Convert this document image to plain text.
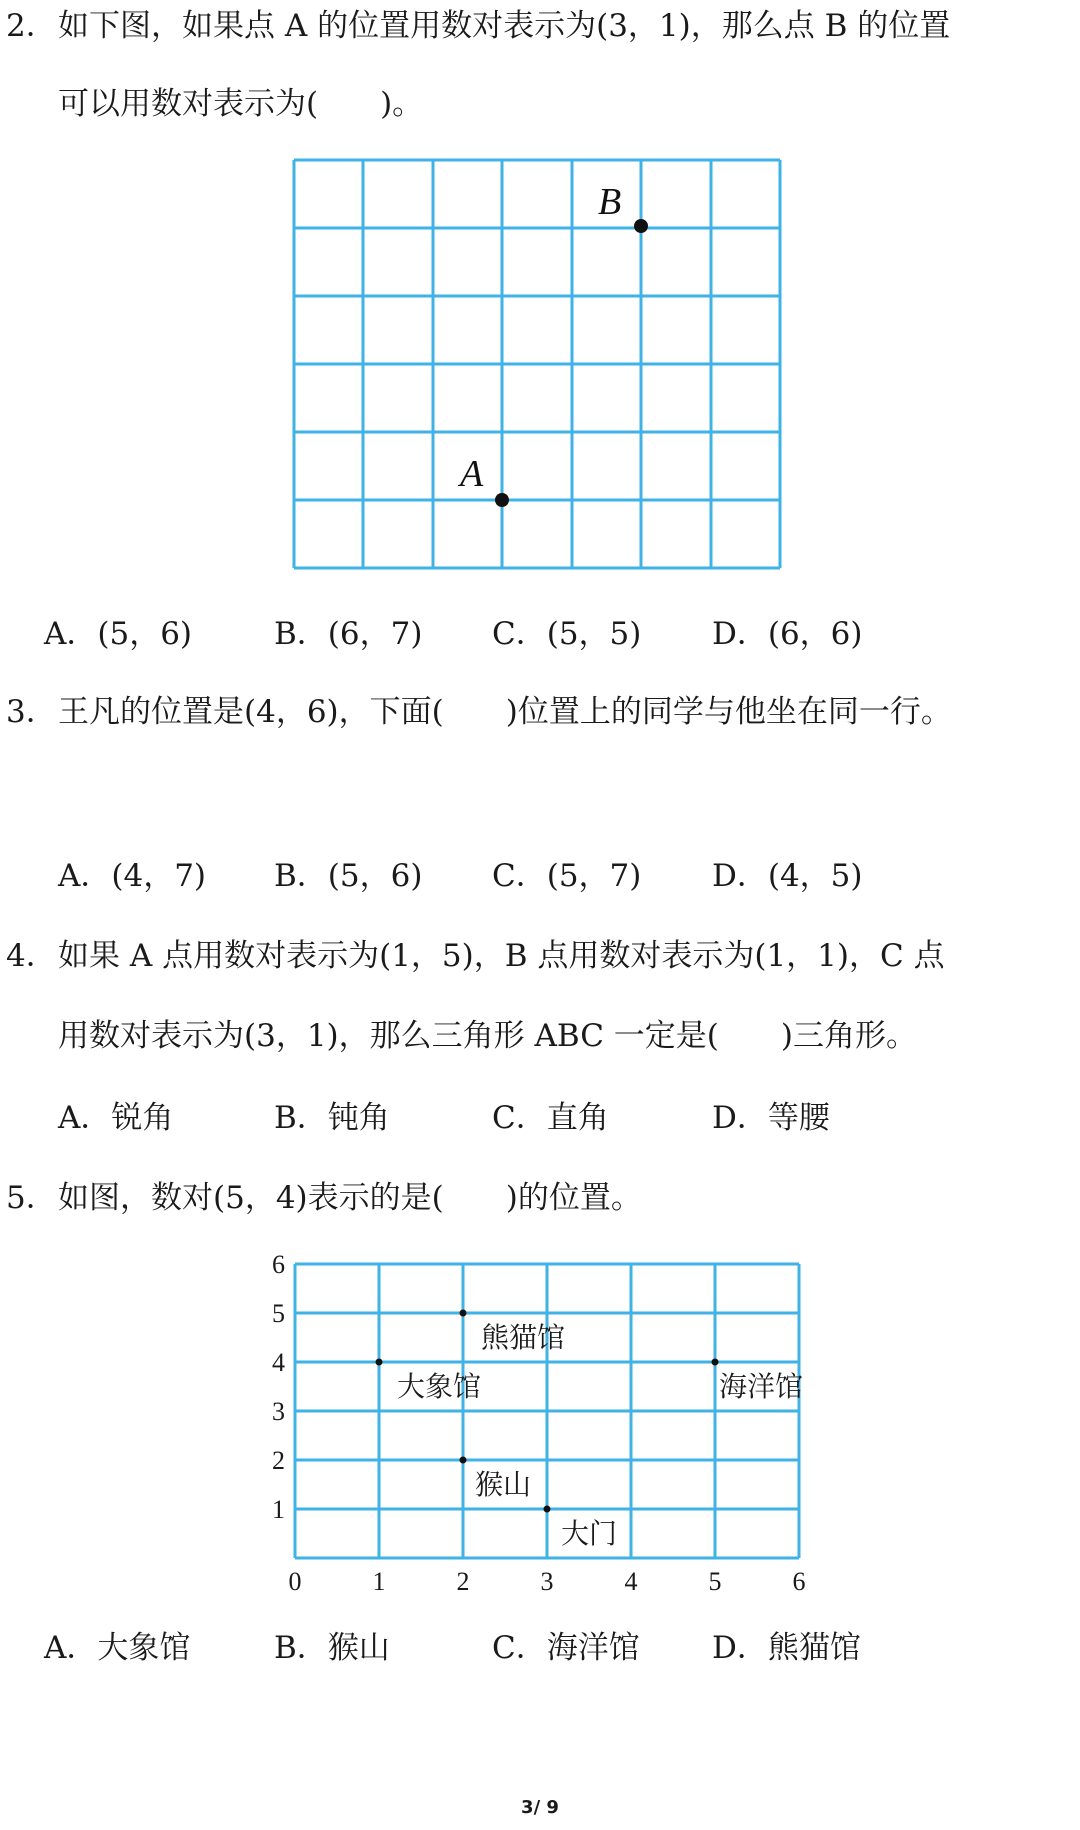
2． 如下图，如果点 A 的位置用数对表示为(3，1)，那么点 B 的位置
可以用数对表示为(　　)。
A
B
A．(5，6)	B．(6，7) C．(5，5) D．(6，6)
3． 王凡的位置是(4，6)，下面(　　)位置上的同学与他坐在同一行。
A．(4，7) B．(5，6) C．(5，7) D．(4，5)
4． 如果 A 点用数对表示为(1，5)，B 点用数对表示为(1，1)，C 点
用数对表示为(3，1)，那么三角形 ABC 一定是(　　)三角形。
A．锐角	B．钝角	C．直角	D．等腰
5． 如图，数对(5，4)表示的是(　　)的位置。
0	1	2	3	4	5	6
1
2
3
4
5
6
熊猫馆
大象馆	海洋馆
猴山
大门
A．大象馆	B．猴山	C．海洋馆 D．熊猫馆
3/ 9
